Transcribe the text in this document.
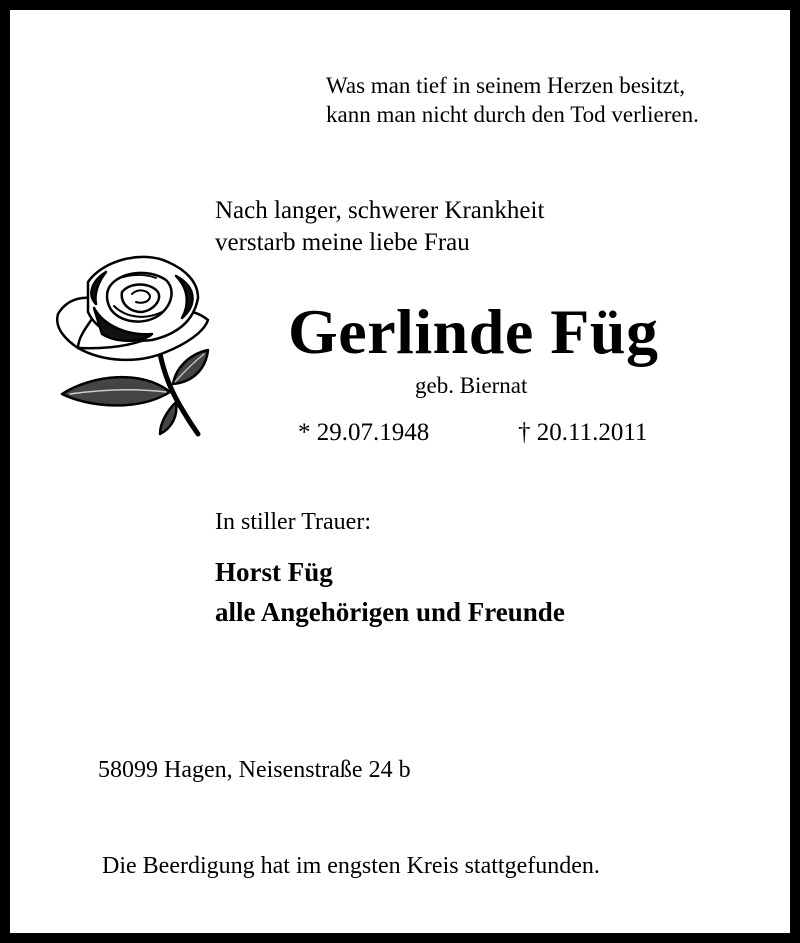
Was man tief in seinem Herzen besitzt,
kann man nicht durch den Tod verlieren.
Nach langer, schwerer Krankheit
verstarb meine liebe Frau
Gerlinde Füg
geb. Biernat
* 29.07.1948	† 20.11.2011
In stiller Trauer:
Horst Füg
alle Angehörigen und Freunde
58099 Hagen, Neisenstraße 24 b
Die Beerdigung hat im engsten Kreis stattgefunden.
